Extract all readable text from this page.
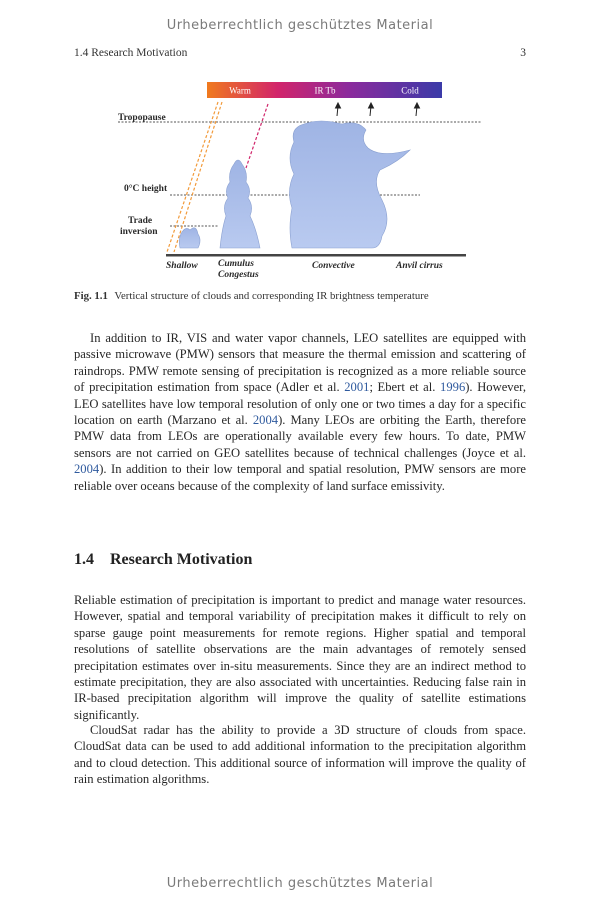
Urheberrechtlich geschütztes Material
1.4 Research Motivation	3
Warm	IR Tb	Cold
Tropopause
0°C height
Trade
inversion
Shallow Cumulus
Congestus
Convective	Anvil cirrus
Fig. 1.1 Vertical structure of clouds and corresponding IR brightness temperature
In addition to IR, VIS and water vapor channels, LEO satellites are equipped with passive microwave (PMW) sensors that measure the thermal emission and scattering of raindrops. PMW remote sensing of precipitation is recognized as a more reliable source of precipitation estimation from space (Adler et al. 2001; Ebert et al. 1996). However, LEO satellites have low temporal resolution of only one or two times a day for a specific location on earth (Marzano et al. 2004). Many LEOs are orbiting the Earth, therefore PMW data from LEOs are operationally available every few hours. To date, PMW sensors are not carried on GEO satellites because of technical challenges (Joyce et al. 2004). In addition to their low temporal and spatial resolution, PMW sensors are more reliable over oceans because of the complexity of land surface emissivity.
1.4 Research Motivation
Reliable estimation of precipitation is important to predict and manage water resources. However, spatial and temporal variability of precipitation makes it difficult to rely on sparse gauge point measurements for remote regions. Higher spatial and temporal resolutions of satellite observations are the main advantages of remotely sensed precipitation estimates over in-situ measurements. Since they are an indirect method to estimate precipitation, they are also associated with uncertainties. Reducing false rain in IR-based precipitation algorithm will improve the quality of satellite estimations significantly.
CloudSat radar has the ability to provide a 3D structure of clouds from space. CloudSat data can be used to add additional information to the precipitation algorithm and to cloud detection. This additional source of information will improve the quality of rain estimation algorithms.
Urheberrechtlich geschütztes Material
